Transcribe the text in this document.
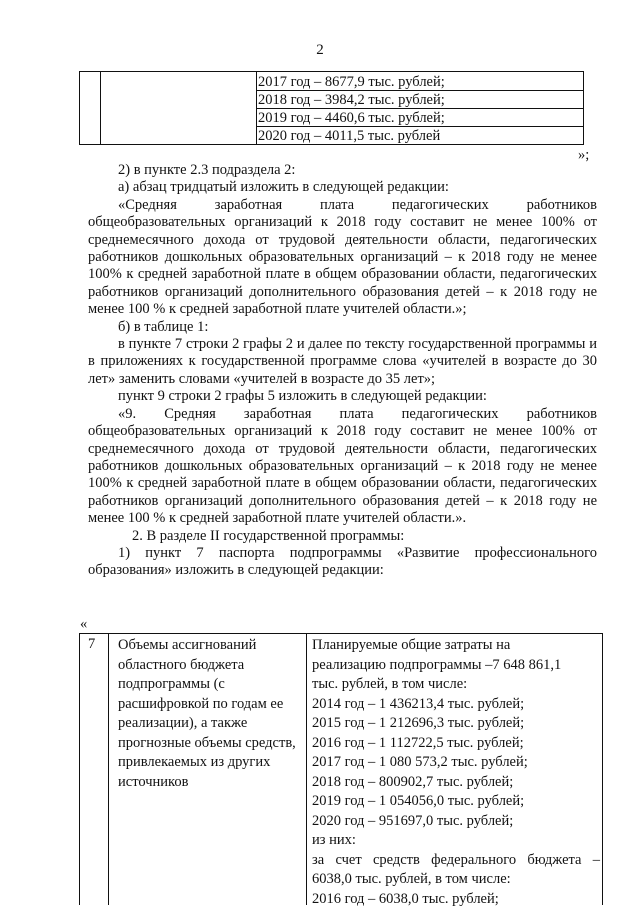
2
2017 год – 8677,9 тыс. рублей;
2018 год – 3984,2 тыс. рублей;
2019 год – 4460,6 тыс. рублей;
2020 год – 4011,5 тыс. рублей
»;

2) в пункте 2.3 подраздела 2:

а) абзац тридцатый изложить в следующей редакции:

«Средняя заработная плата педагогических работников общеобразовательных организаций к 2018 году составит не менее 100% от среднемесячного дохода от трудовой деятельности области, педагогических работников дошкольных образовательных организаций – к 2018 году не менее 100% к средней заработной плате в общем образовании области, педагогических работников организаций дополнительного образования детей – к 2018 году не менее 100 % к средней заработной плате учителей области.»;

б) в таблице 1:

в пункте 7 строки 2 графы 2 и далее по тексту государственной программы и в приложениях к государственной программе слова «учителей в возрасте до 30 лет» заменить словами «учителей в возрасте до 35 лет»;

пункт 9 строки 2 графы 5 изложить в следующей редакции:

«9. Средняя заработная плата педагогических работников общеобразовательных организаций к 2018 году составит не менее 100% от среднемесячного дохода от трудовой деятельности области, педагогических работников дошкольных образовательных организаций – к 2018 году не менее 100% к средней заработной плате в общем образовании области, педагогических работников организаций дополнительного образования детей – к 2018 году не менее 100 % к средней заработной плате учителей области.».

2. В разделе II государственной программы:

1) пункт 7 паспорта подпрограммы «Развитие профессионального образования» изложить в следующей редакции:

«
7 Объемы ассигнований областного бюджета подпрограммы (с расшифровкой по годам ее реализации), а также прогнозные объемы средств, привлекаемых из других источников
Планируемые общие затраты на
реализацию подпрограммы –7 648 861,1
тыс. рублей, в том числе:
2014 год – 1 436213,4 тыс. рублей;
2015 год – 1 212696,3 тыс. рублей;
2016 год – 1 112722,5 тыс. рублей;
2017 год – 1 080 573,2 тыс. рублей;
2018 год – 800902,7 тыс. рублей;
2019 год – 1 054056,0 тыс. рублей;
2020 год – 951697,0 тыс. рублей;
из них:
за счет средств федерального бюджета –
6038,0 тыс. рублей, в том числе:
2016 год – 6038,0 тыс. рублей;
